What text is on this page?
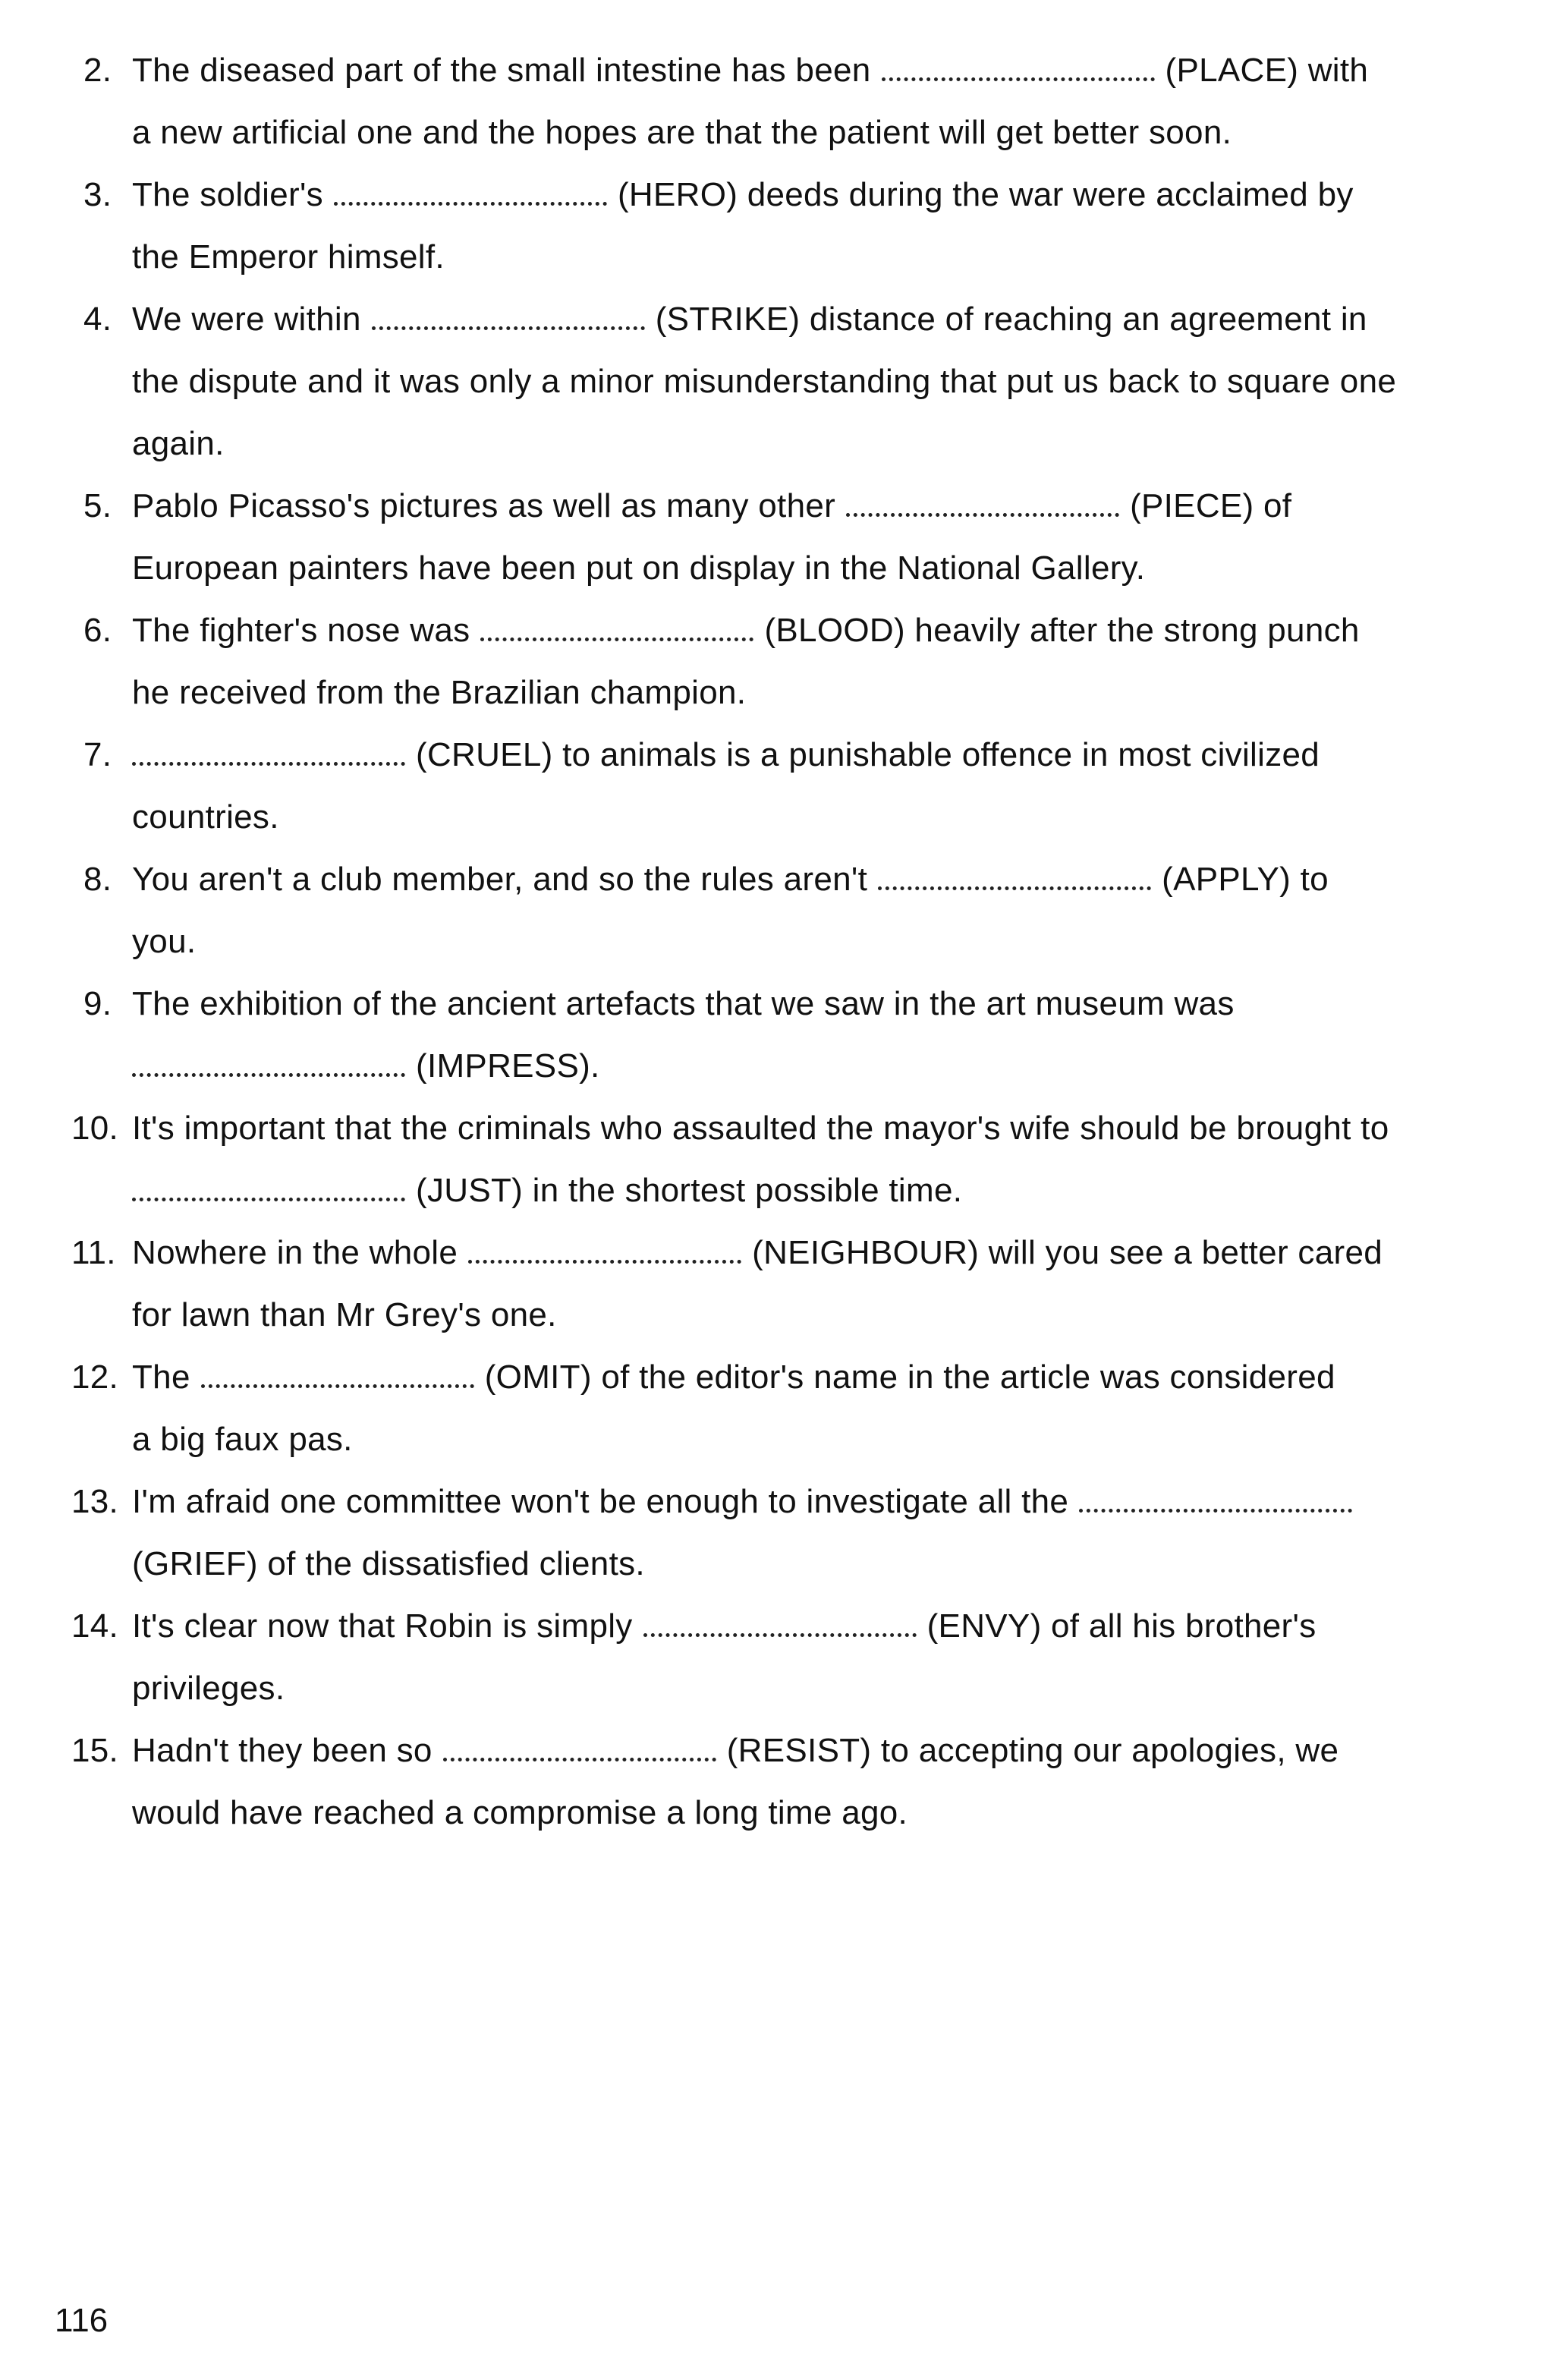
2. The diseased part of the small intestine has been	(PLACE) with
a new artificial one and the hopes are that the patient will get better soon.
3. The soldier's	(HERO) deeds during the war were acclaimed by
the Emperor himself.
4. We were within	(STRIKE) distance of reaching an agreement in
the dispute and it was only a minor misunderstanding that put us back to square one
again.
5. Pablo Picasso's pictures as well as many other	(PIECE) of
European painters have been put on display in the National Gallery.
6. The fighter's nose was	(BLOOD) heavily after the strong punch
he received from the Brazilian champion.
7.	(CRUEL) to animals is a punishable offence in most civilized
countries.
8. You aren't a club member, and so the rules aren't	(APPLY) to
you.
9. The exhibition of the ancient artefacts that we saw in the art museum was
(IMPRESS).
10. It's important that the criminals who assaulted the mayor's wife should be brought to
(JUST) in the shortest possible time.
11. Nowhere in the whole	(NEIGHBOUR) will you see a better cared
for lawn than Mr Grey's one.
12. The	(OMIT) of the editor's name in the article was considered
a big faux pas.
13. I'm afraid one committee won't be enough to investigate all the
(GRIEF) of the dissatisfied clients.
14. It's clear now that Robin is simply	(ENVY) of all his brother's
privileges.
15. Hadn't they been so	(RESIST) to accepting our apologies, we
would have reached a compromise a long time ago.
116
